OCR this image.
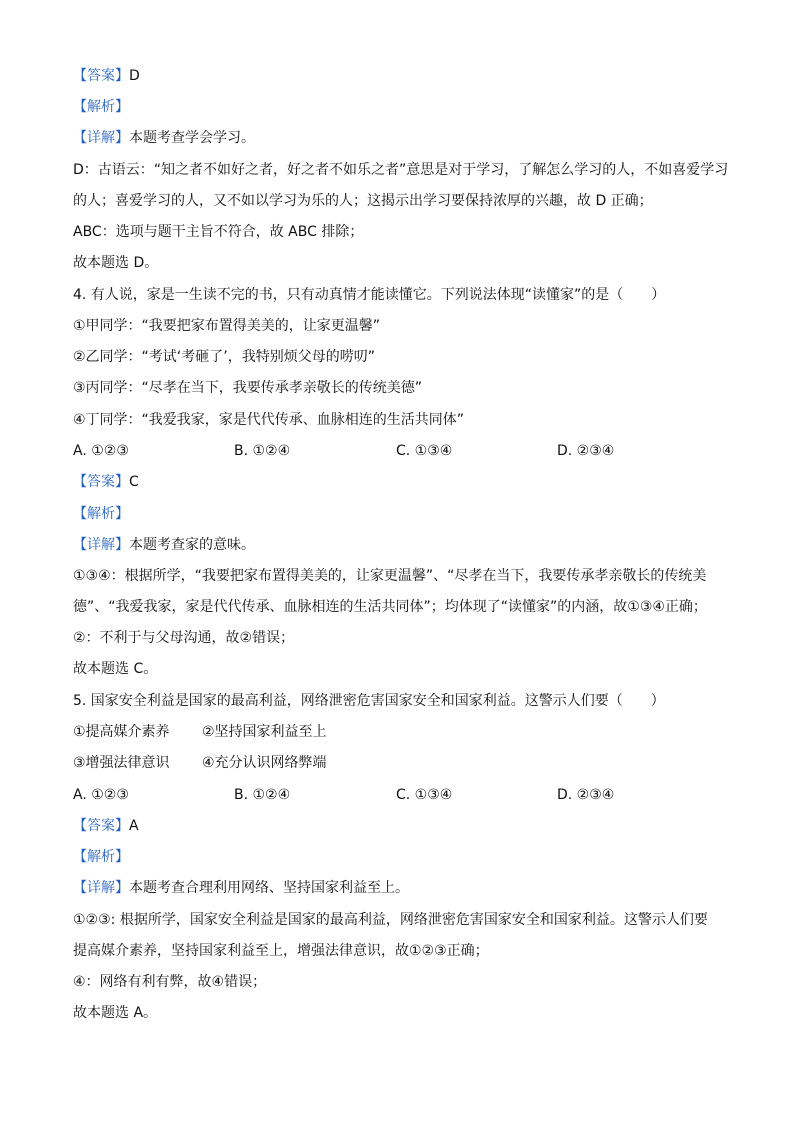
【答案】D
【解析】
【详解】本题考查学会学习。
D：古语云：“知之者不如好之者，好之者不如乐之者”意思是对于学习，了解怎么学习的人，不如喜爱学习
的人；喜爱学习的人，又不如以学习为乐的人；这揭示出学习要保持浓厚的兴趣，故 D 正确；
ABC：选项与题干主旨不符合，故 ABC 排除；
故本题选 D。
4. 有人说，家是一生读不完的书，只有动真情才能读懂它。下列说法体现“读懂家”的是（　　）
①甲同学：“我要把家布置得美美的，让家更温馨”
②乙同学：“考试‘考砸了’，我特别烦父母的唠叨”
③丙同学：“尽孝在当下，我要传承孝亲敬长的传统美德”
④丁同学：“我爱我家，家是代代传承、血脉相连的生活共同体”
A. ①②③	B. ①②④	C. ①③④	D. ②③④
【答案】C
【解析】
【详解】本题考查家的意味。
①③④：根据所学，“我要把家布置得美美的，让家更温馨”、“尽孝在当下，我要传承孝亲敬长的传统美
德”、“我爱我家，家是代代传承、血脉相连的生活共同体”；均体现了“读懂家”的内涵，故①③④正确；
②：不利于与父母沟通，故②错误；
故本题选 C。
5. 国家安全利益是国家的最高利益，网络泄密危害国家安全和国家利益。这警示人们要（　　）
①提高媒介素养 ②坚持国家利益至上
③增强法律意识 ④充分认识网络弊端
A. ①②③	B. ①②④	C. ①③④	D. ②③④
【答案】A
【解析】
【详解】本题考查合理利用网络、坚持国家利益至上。
①②③: 根据所学，国家安全利益是国家的最高利益，网络泄密危害国家安全和国家利益。这警示人们要
提高媒介素养，坚持国家利益至上，增强法律意识，故①②③正确；
④：网络有利有弊，故④错误；
故本题选 A。
